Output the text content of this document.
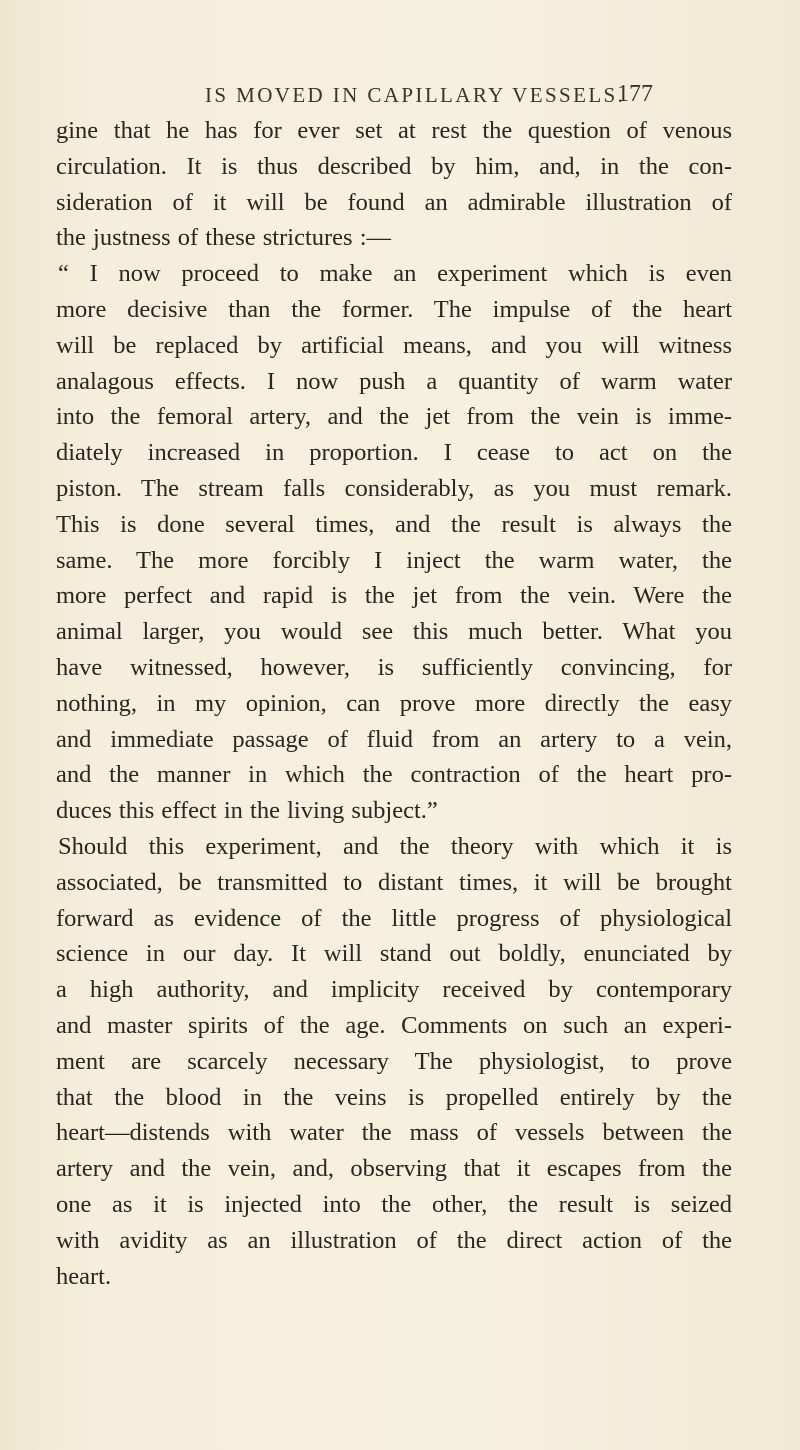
IS MOVED IN CAPILLARY VESSELS.
177
gine that he has for ever set at rest the question of venous
circulation. It is thus described by him, and, in the con-
sideration of it will be found an admirable illustration of
the justness of these strictures :—
“ I now proceed to make an experiment which is even
more decisive than the former. The impulse of the heart
will be replaced by artificial means, and you will witness
analagous effects. I now push a quantity of warm water
into the femoral artery, and the jet from the vein is imme-
diately increased in proportion. I cease to act on the
piston. The stream falls considerably, as you must remark.
This is done several times, and the result is always the
same. The more forcibly I inject the warm water, the
more perfect and rapid is the jet from the vein. Were the
animal larger, you would see this much better. What you
have witnessed, however, is sufficiently convincing, for
nothing, in my opinion, can prove more directly the easy
and immediate passage of fluid from an artery to a vein,
and the manner in which the contraction of the heart pro-
duces this effect in the living subject.”
Should this experiment, and the theory with which it is
associated, be transmitted to distant times, it will be brought
forward as evidence of the little progress of physiological
science in our day. It will stand out boldly, enunciated by
a high authority, and implicity received by contemporary
and master spirits of the age. Comments on such an experi-
ment are scarcely necessary The physiologist, to prove
that the blood in the veins is propelled entirely by the
heart—distends with water the mass of vessels between the
artery and the vein, and, observing that it escapes from the
one as it is injected into the other, the result is seized
with avidity as an illustration of the direct action of the
heart.
